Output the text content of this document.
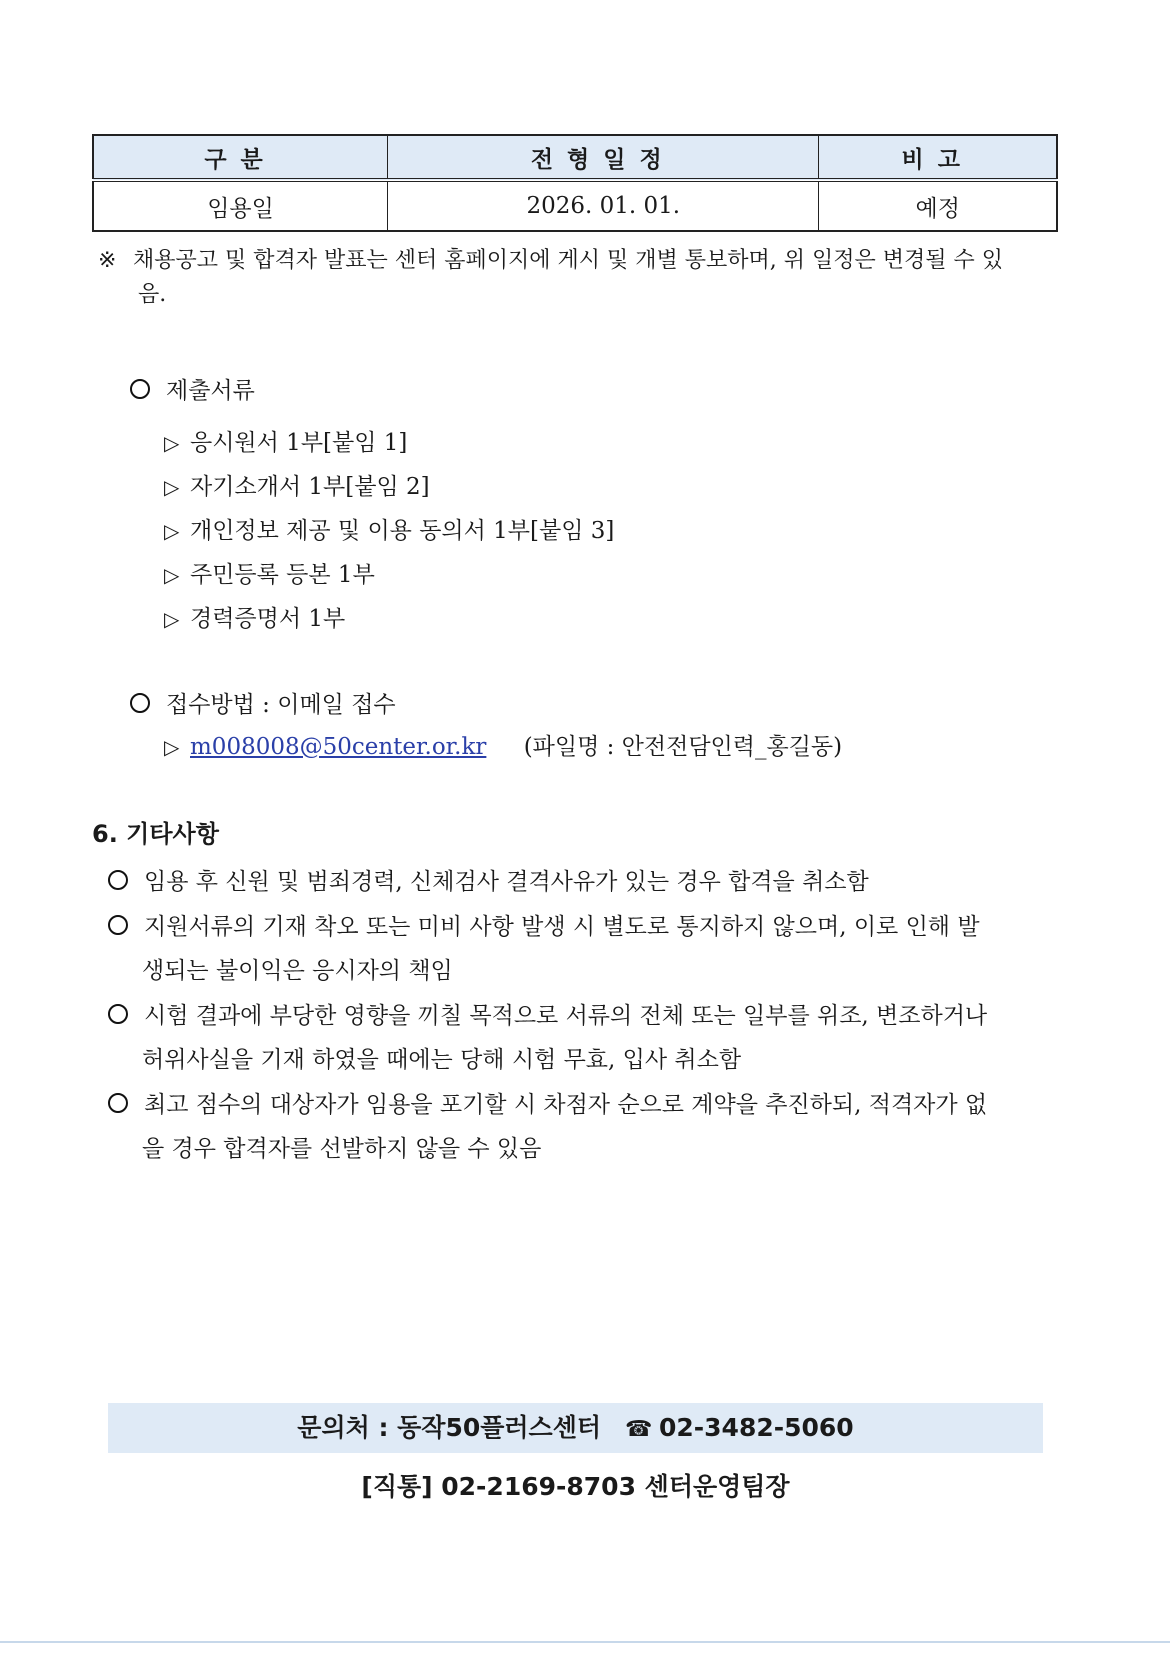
구분	전형일정	비고
임용일	2026. 01. 01.	예정
※ 채용공고 및 합격자 발표는 센터 홈페이지에 게시 및 개별 통보하며, 위 일정은 변경될 수 있
음.
제출서류
▷ 응시원서 1부[붙임 1]
▷ 자기소개서 1부[붙임 2]
▷ 개인정보 제공 및 이용 동의서 1부[붙임 3]
▷ 주민등록 등본 1부
▷ 경력증명서 1부
접수방법 : 이메일 접수
▷ m008008@50center.or.kr (파일명 : 안전전담인력_홍길동)
6. 기타사항
임용 후 신원 및 범죄경력, 신체검사 결격사유가 있는 경우 합격을 취소함
지원서류의 기재 착오 또는 미비 사항 발생 시 별도로 통지하지 않으며, 이로 인해 발
생되는 불이익은 응시자의 책임
시험 결과에 부당한 영향을 끼칠 목적으로 서류의 전체 또는 일부를 위조, 변조하거나
허위사실을 기재 하였을 때에는 당해 시험 무효, 입사 취소함
최고 점수의 대상자가 임용을 포기할 시 차점자 순으로 계약을 추진하되, 적격자가 없
을 경우 합격자를 선발하지 않을 수 있음
문의처 : 동작50플러스센터 ☎ 02-3482-5060
[직통] 02-2169-8703 센터운영팀장
